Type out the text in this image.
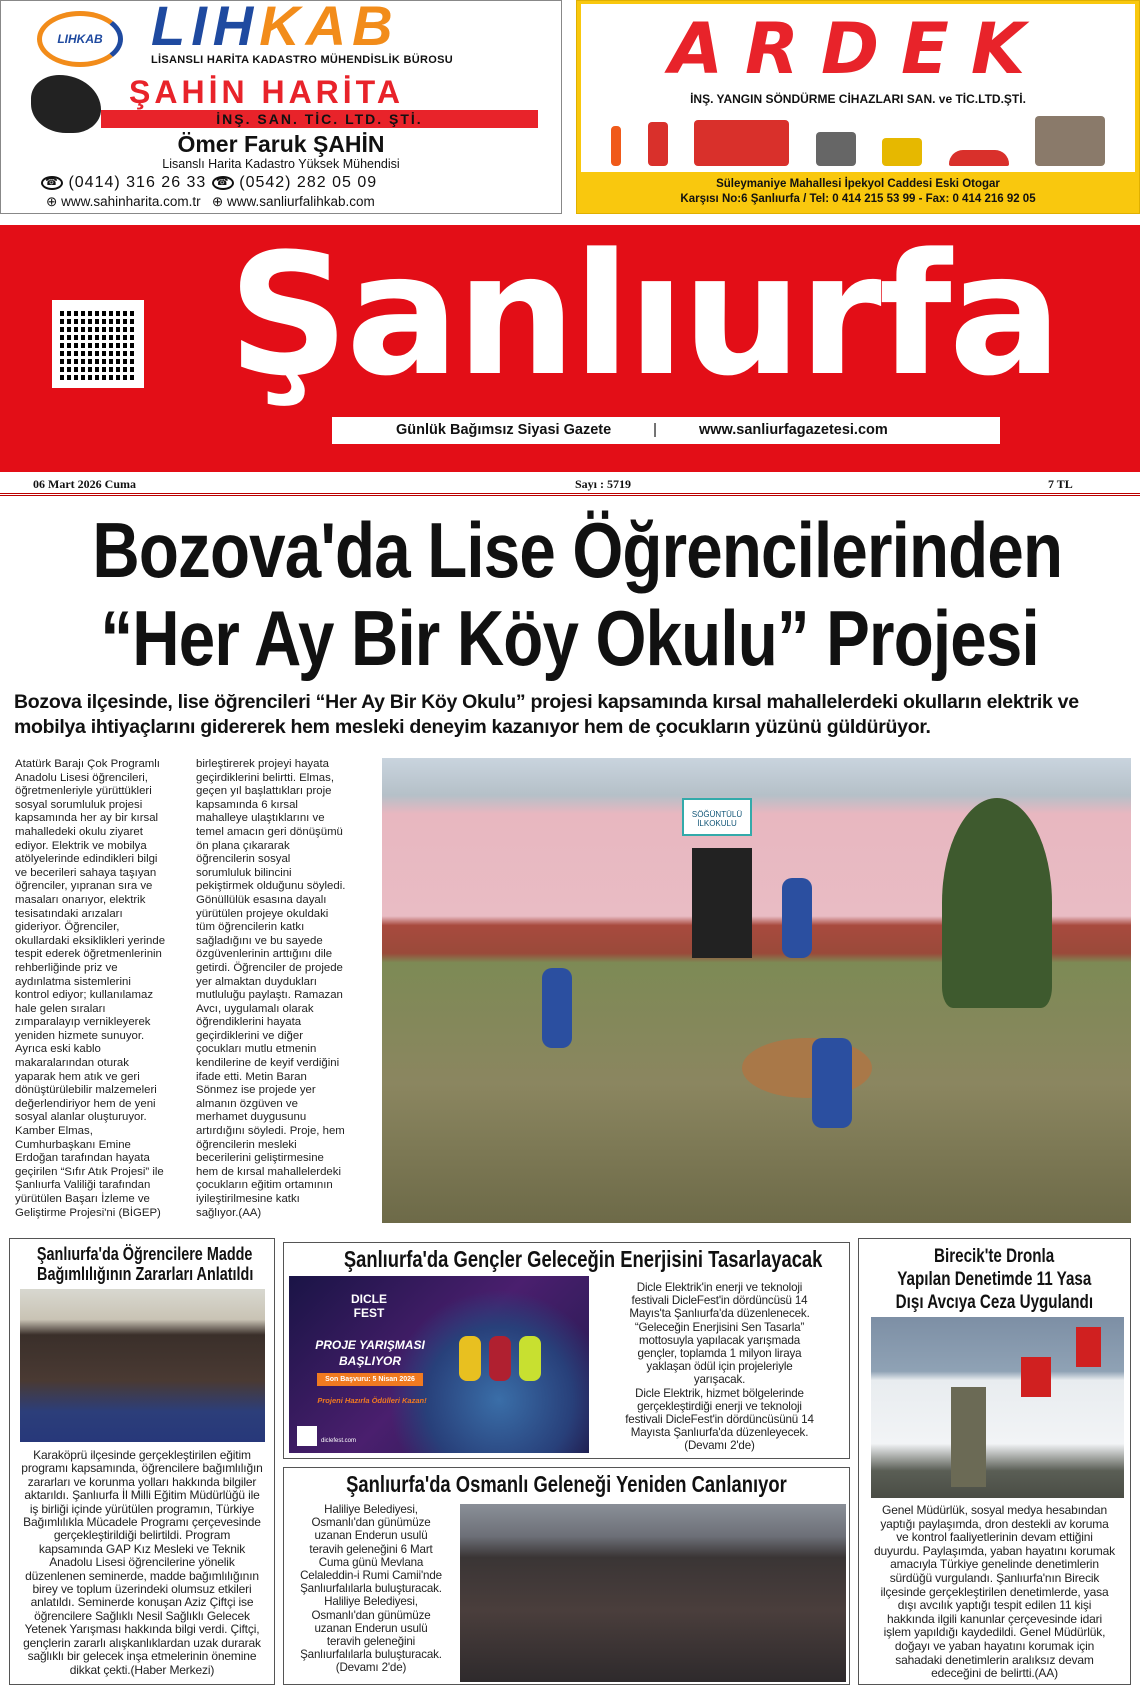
LIHKAB LIHKAB
LİSANSLI HARİTA KADASTRO MÜHENDİSLİK BÜROSU
ŞAHİN HARİTA
İNŞ. SAN. TİC. LTD. ŞTİ.
Ömer Faruk ŞAHİN
Lisanslı Harita Kadastro Yüksek Mühendisi
☎ (0414) 316 26 33 ☎ (0542) 282 05 09
⊕ www.sahinharita.com.tr ⊕ www.sanliurfalihkab.com
ARDEK
İNŞ. YANGIN SÖNDÜRME CİHAZLARI SAN. ve TİC.LTD.ŞTİ.
Süleymaniye Mahallesi İpekyol Caddesi Eski Otogar
Karşısı No:6 Şanlıurfa / Tel: 0 414 215 53 99 - Fax: 0 414 216 92 05
Şanlıurfa
Günlük Bağımsız Siyasi Gazete	|	www.sanliurfagazetesi.com
06 Mart 2026 Cuma	Sayı : 5719	7 TL
Bozova'da Lise Öğrencilerinden
“Her Ay Bir Köy Okulu” Projesi
Bozova ilçesinde, lise öğrencileri “Her Ay Bir Köy Okulu” projesi kapsamında kırsal mahallelerdeki okulların elektrik ve mobilya ihtiyaçlarını gidererek hem mesleki deneyim kazanıyor hem de çocukların yüzünü güldürüyor.
Atatürk Barajı Çok Programlı
Anadolu Lisesi öğrencileri,
öğretmenleriyle yürüttükleri
sosyal sorumluluk projesi
kapsamında her ay bir kırsal
mahalledeki okulu ziyaret
ediyor. Elektrik ve mobilya
atölyelerinde edindikleri bilgi
ve becerileri sahaya taşıyan
öğrenciler, yıpranan sıra ve
masaları onarıyor, elektrik
tesisatındaki arızaları
gideriyor. Öğrenciler,
okullardaki eksiklikleri yerinde
tespit ederek öğretmenlerinin
rehberliğinde priz ve
aydınlatma sistemlerini
kontrol ediyor; kullanılamaz
hale gelen sıraları
zımparalayıp vernikleyerek
yeniden hizmete sunuyor.
Ayrıca eski kablo
makaralarından oturak
yaparak hem atık ve geri
dönüştürülebilir malzemeleri
değerlendiriyor hem de yeni
sosyal alanlar oluşturuyor.
Kamber Elmas,
Cumhurbaşkanı Emine
Erdoğan tarafından hayata
geçirilen “Sıfır Atık Projesi” ile
Şanlıurfa Valiliği tarafından
yürütülen Başarı İzleme ve
Geliştirme Projesi'ni (BİGEP)
birleştirerek projeyi hayata
geçirdiklerini belirtti. Elmas,
geçen yıl başlattıkları proje
kapsamında 6 kırsal
mahalleye ulaştıklarını ve
temel amacın geri dönüşümü
ön plana çıkararak
öğrencilerin sosyal
sorumluluk bilincini
pekiştirmek olduğunu söyledi.
Gönüllülük esasına dayalı
yürütülen projeye okuldaki
tüm öğrencilerin katkı
sağladığını ve bu sayede
özgüvenlerinin arttığını dile
getirdi. Öğrenciler de projede
yer almaktan duydukları
mutluluğu paylaştı. Ramazan
Avcı, uygulamalı olarak
öğrendiklerini hayata
geçirdiklerini ve diğer
çocukları mutlu etmenin
kendilerine de keyif verdiğini
ifade etti. Metin Baran
Sönmez ise projede yer
almanın özgüven ve
merhamet duygusunu
artırdığını söyledi. Proje, hem
öğrencilerin mesleki
becerilerini geliştirmesine
hem de kırsal mahallelerdeki
çocukların eğitim ortamının
iyileştirilmesine katkı
sağlıyor.(AA)
SÖĞÜNTÜLÜ İLKOKULU
Şanlıurfa'da Öğrencilere Madde
Bağımlılığının Zararları Anlatıldı
Karaköprü ilçesinde gerçekleştirilen eğitim
programı kapsamında, öğrencilere bağımlılığın
zararları ve korunma yolları hakkında bilgiler
aktarıldı. Şanlıurfa İl Milli Eğitim Müdürlüğü ile
iş birliği içinde yürütülen programın, Türkiye
Bağımlılıkla Mücadele Programı çerçevesinde
gerçekleştirildiği belirtildi. Program
kapsamında GAP Kız Mesleki ve Teknik
Anadolu Lisesi öğrencilerine yönelik
düzenlenen seminerde, madde bağımlılığının
birey ve toplum üzerindeki olumsuz etkileri
anlatıldı. Seminerde konuşan Aziz Çiftçi ise
öğrencilere Sağlıklı Nesil Sağlıklı Gelecek
Yetenek Yarışması hakkında bilgi verdi. Çiftçi,
gençlerin zararlı alışkanlıklardan uzak durarak
sağlıklı bir gelecek inşa etmelerinin önemine
dikkat çekti.(Haber Merkezi)
Şanlıurfa'da Gençler Geleceğin Enerjisini Tasarlayacak
DICLE FEST
PROJE YARIŞMASI
BAŞLIYOR
Son Başvuru: 5 Nisan 2026
Projeni Hazırla Ödülleri Kazan!
diclefest.com
Dicle Elektrik'in enerji ve teknoloji
festivali DicleFest'in dördüncüsü 14
Mayıs'ta Şanlıurfa'da düzenlenecek.
“Geleceğin Enerjisini Sen Tasarla”
mottosuyla yapılacak yarışmada
gençler, toplamda 1 milyon liraya
yaklaşan ödül için projeleriyle
yarışacak.
Dicle Elektrik, hizmet bölgelerinde
gerçekleştirdiği enerji ve teknoloji
festivali DicleFest'in dördüncüsünü 14
Mayısta Şanlıurfa'da düzenleyecek.
(Devamı 2'de)
Şanlıurfa'da Osmanlı Geleneği Yeniden Canlanıyor
Haliliye Belediyesi,
Osmanlı'dan günümüze
uzanan Enderun usulü
teravih geleneğini 6 Mart
Cuma günü Mevlana
Celaleddin-i Rumi Camii'nde
Şanlıurfalılarla buluşturacak.
Haliliye Belediyesi,
Osmanlı'dan günümüze
uzanan Enderun usulü
teravih geleneğini
Şanlıurfalılarla buluşturacak.
(Devamı 2'de)
Birecik'te Dronla
Yapılan Denetimde 11 Yasa
Dışı Avcıya Ceza Uygulandı
Genel Müdürlük, sosyal medya hesabından
yaptığı paylaşımda, dron destekli av koruma
ve kontrol faaliyetlerinin devam ettiğini
duyurdu. Paylaşımda, yaban hayatını korumak
amacıyla Türkiye genelinde denetimlerin
sürdüğü vurgulandı. Şanlıurfa'nın Birecik
ilçesinde gerçekleştirilen denetimlerde, yasa
dışı avcılık yaptığı tespit edilen 11 kişi
hakkında ilgili kanunlar çerçevesinde idari
işlem yapıldığı kaydedildi. Genel Müdürlük,
doğayı ve yaban hayatını korumak için
sahadaki denetimlerin aralıksız devam
edeceğini de belirtti.(AA)
